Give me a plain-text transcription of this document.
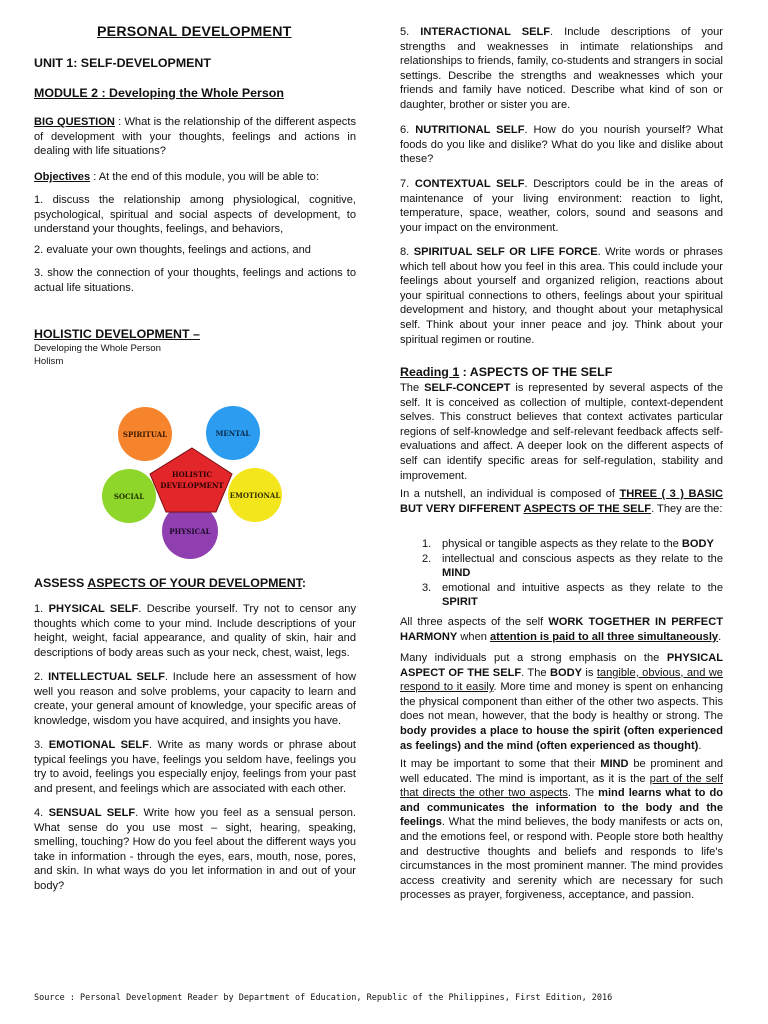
PERSONAL DEVELOPMENT
UNIT 1: SELF-DEVELOPMENT
MODULE 2 : Developing the Whole Person

BIG QUESTION : What is the relationship of the different aspects of development with your thoughts, feelings and actions in dealing with life situations?

Objectives : At the end of this module, you will be able to:

1. discuss the relationship among physiological, cognitive, psychological, spiritual and social aspects of development, to understand your thoughts, feelings, and behaviors,

2. evaluate your own thoughts, feelings and actions, and

3. show the connection of your thoughts, feelings and actions to actual life situations.

HOLISTIC DEVELOPMENT –
Developing the Whole Person
Holism
SPIRITUAL	MENTAL
SOCIAL	EMOTIONAL
PHYSICAL
HOLISTIC
DEVELOPMENT
ASSESS ASPECTS OF YOUR DEVELOPMENT:

1. PHYSICAL SELF. Describe yourself. Try not to censor any thoughts which come to your mind. Include descriptions of your height, weight, facial appearance, and quality of skin, hair and descriptions of body areas such as your neck, chest, waist, legs.

2. INTELLECTUAL SELF. Include here an assessment of how well you reason and solve problems, your capacity to learn and create, your general amount of knowledge, your specific areas of knowledge, wisdom you have acquired, and insights you have.

3. EMOTIONAL SELF. Write as many words or phrase about typical feelings you have, feelings you seldom have, feelings you try to avoid, feelings you especially enjoy, feelings from your past and present, and feelings which are associated with each other.

4. SENSUAL SELF. Write how you feel as a sensual person. What sense do you use most – sight, hearing, speaking, smelling, touching? How do you feel about the different ways you take in information - through the eyes, ears, mouth, nose, pores, and skin. In what ways do you let information in and out of your body?

5. INTERACTIONAL SELF. Include descriptions of your strengths and weaknesses in intimate relationships and relationships to friends, family, co-students and strangers in social settings. Describe the strengths and weaknesses which your friends and family have noticed. Describe what kind of son or daughter, brother or sister you are.

6. NUTRITIONAL SELF. How do you nourish yourself? What foods do you like and dislike? What do you like and dislike about these?

7. CONTEXTUAL SELF. Descriptors could be in the areas of maintenance of your living environment: reaction to light, temperature, space, weather, colors, sound and seasons and your impact on the environment.

8. SPIRITUAL SELF OR LIFE FORCE. Write words or phrases which tell about how you feel in this area. This could include your feelings about yourself and organized religion, reactions about your spiritual connections to others, feelings about your spiritual development and history, and thought about your metaphysical self. Think about your inner peace and joy. Think about your spiritual regimen or routine.

Reading 1 : ASPECTS OF THE SELF

The SELF-CONCEPT is represented by several aspects of the self. It is conceived as collection of multiple, context-dependent selves. This construct believes that context activates particular regions of self-knowledge and self-relevant feedback affects self-evaluations and affect. A deeper look on the different aspects of self can identify specific areas for self-regulation, stability and improvement.

In a nutshell, an individual is composed of THREE ( 3 ) BASIC BUT VERY DIFFERENT ASPECTS OF THE SELF. They are the:

1. physical or tangible aspects as they relate to the BODY
2. intellectual and conscious aspects as they relate to the MIND
3. emotional and intuitive aspects as they relate to the SPIRIT

All three aspects of the self WORK TOGETHER IN PERFECT HARMONY when attention is paid to all three simultaneously.

Many individuals put a strong emphasis on the PHYSICAL ASPECT OF THE SELF. The BODY is tangible, obvious, and we respond to it easily. More time and money is spent on enhancing the physical component than either of the other two aspects. This does not mean, however, that the body is healthy or strong. The body provides a place to house the spirit (often experienced as feelings) and the mind (often experienced as thought).

It may be important to some that their MIND be prominent and well educated. The mind is important, as it is the part of the self that directs the other two aspects. The mind learns what to do and communicates the information to the body and the feelings. What the mind believes, the body manifests or acts on, and the emotions feel, or respond with. People store both healthy and destructive thoughts and beliefs and responds to life's circumstances in the most prominent manner. The mind provides access creativity and serenity which are necessary for such processes as prayer, forgiveness, acceptance, and passion.

Source : Personal Development Reader by Department of Education, Republic of the Philippines, First Edition, 2016
